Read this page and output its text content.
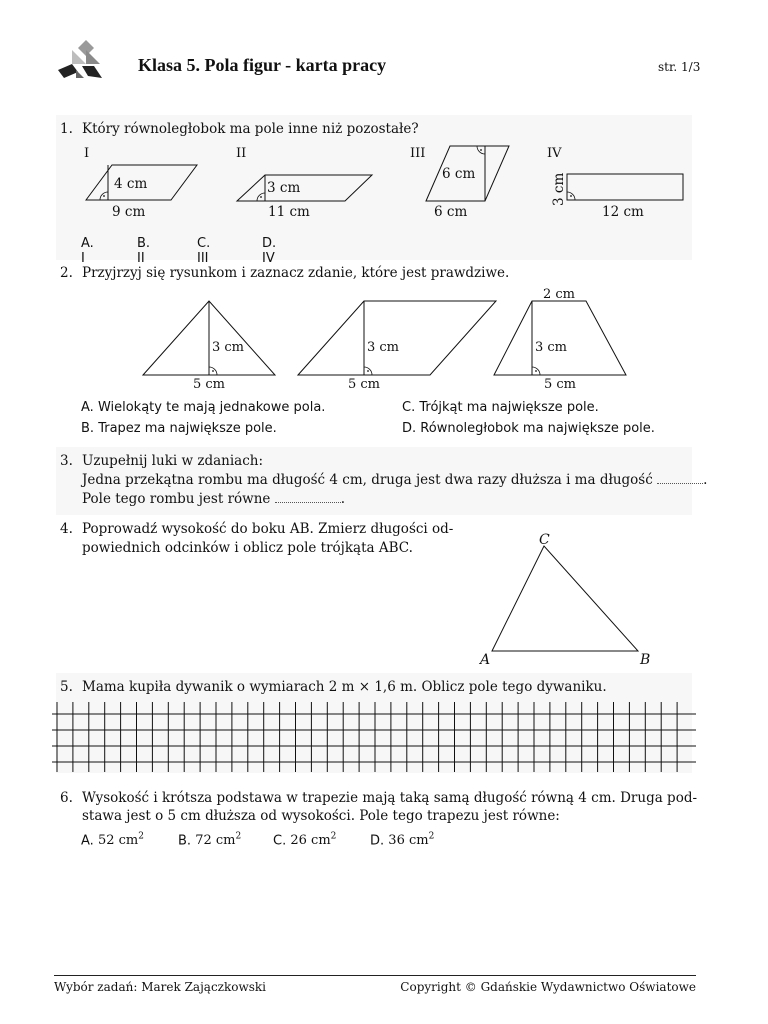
Klasa 5. Pola figur - karta pracy	str. 1/3
1. Który równoległobok ma pole inne niż pozostałe?
I
4 cm
9 cm
II
3 cm
11 cm
III
6 cm
6 cm
IV
3 cm
12 cm
A. I
B. II
C. III
D. IV
2. Przyjrzyj się rysunkom i zaznacz zdanie, które jest prawdziwe.
3 cm
5 cm
3 cm
5 cm
2 cm
3 cm
5 cm
A. Wielokąty te mają jednakowe pola.	C. Trójkąt ma największe pole.
B. Trapez ma największe pole.	D. Równoległobok ma największe pole.
3. Uzupełnij luki w zdaniach:
Jedna przekątna rombu ma długość 4 cm, druga jest dwa razy dłuższa i ma długość	.
Pole tego rombu jest równe	.
4. Poprowadź wysokość do boku AB. Zmierz długości od-
powiednich odcinków i oblicz pole trójkąta ABC.	C
A	B
5. Mama kupiła dywanik o wymiarach 2 m × 1,6 m. Oblicz pole tego dywaniku.
6. Wysokość i krótsza podstawa w trapezie mają taką samą długość równą 4 cm. Druga pod-
stawa jest o 5 cm dłuższa od wysokości. Pole tego trapezu jest równe:
A. 52 $cm^2$	B. 72 $cm^2$ C. 26 $cm^2$	D. 36 $cm^2$
Wybór zadań: Marek Zajączkowski	Copyright © Gdańskie Wydawnictwo Oświatowe
